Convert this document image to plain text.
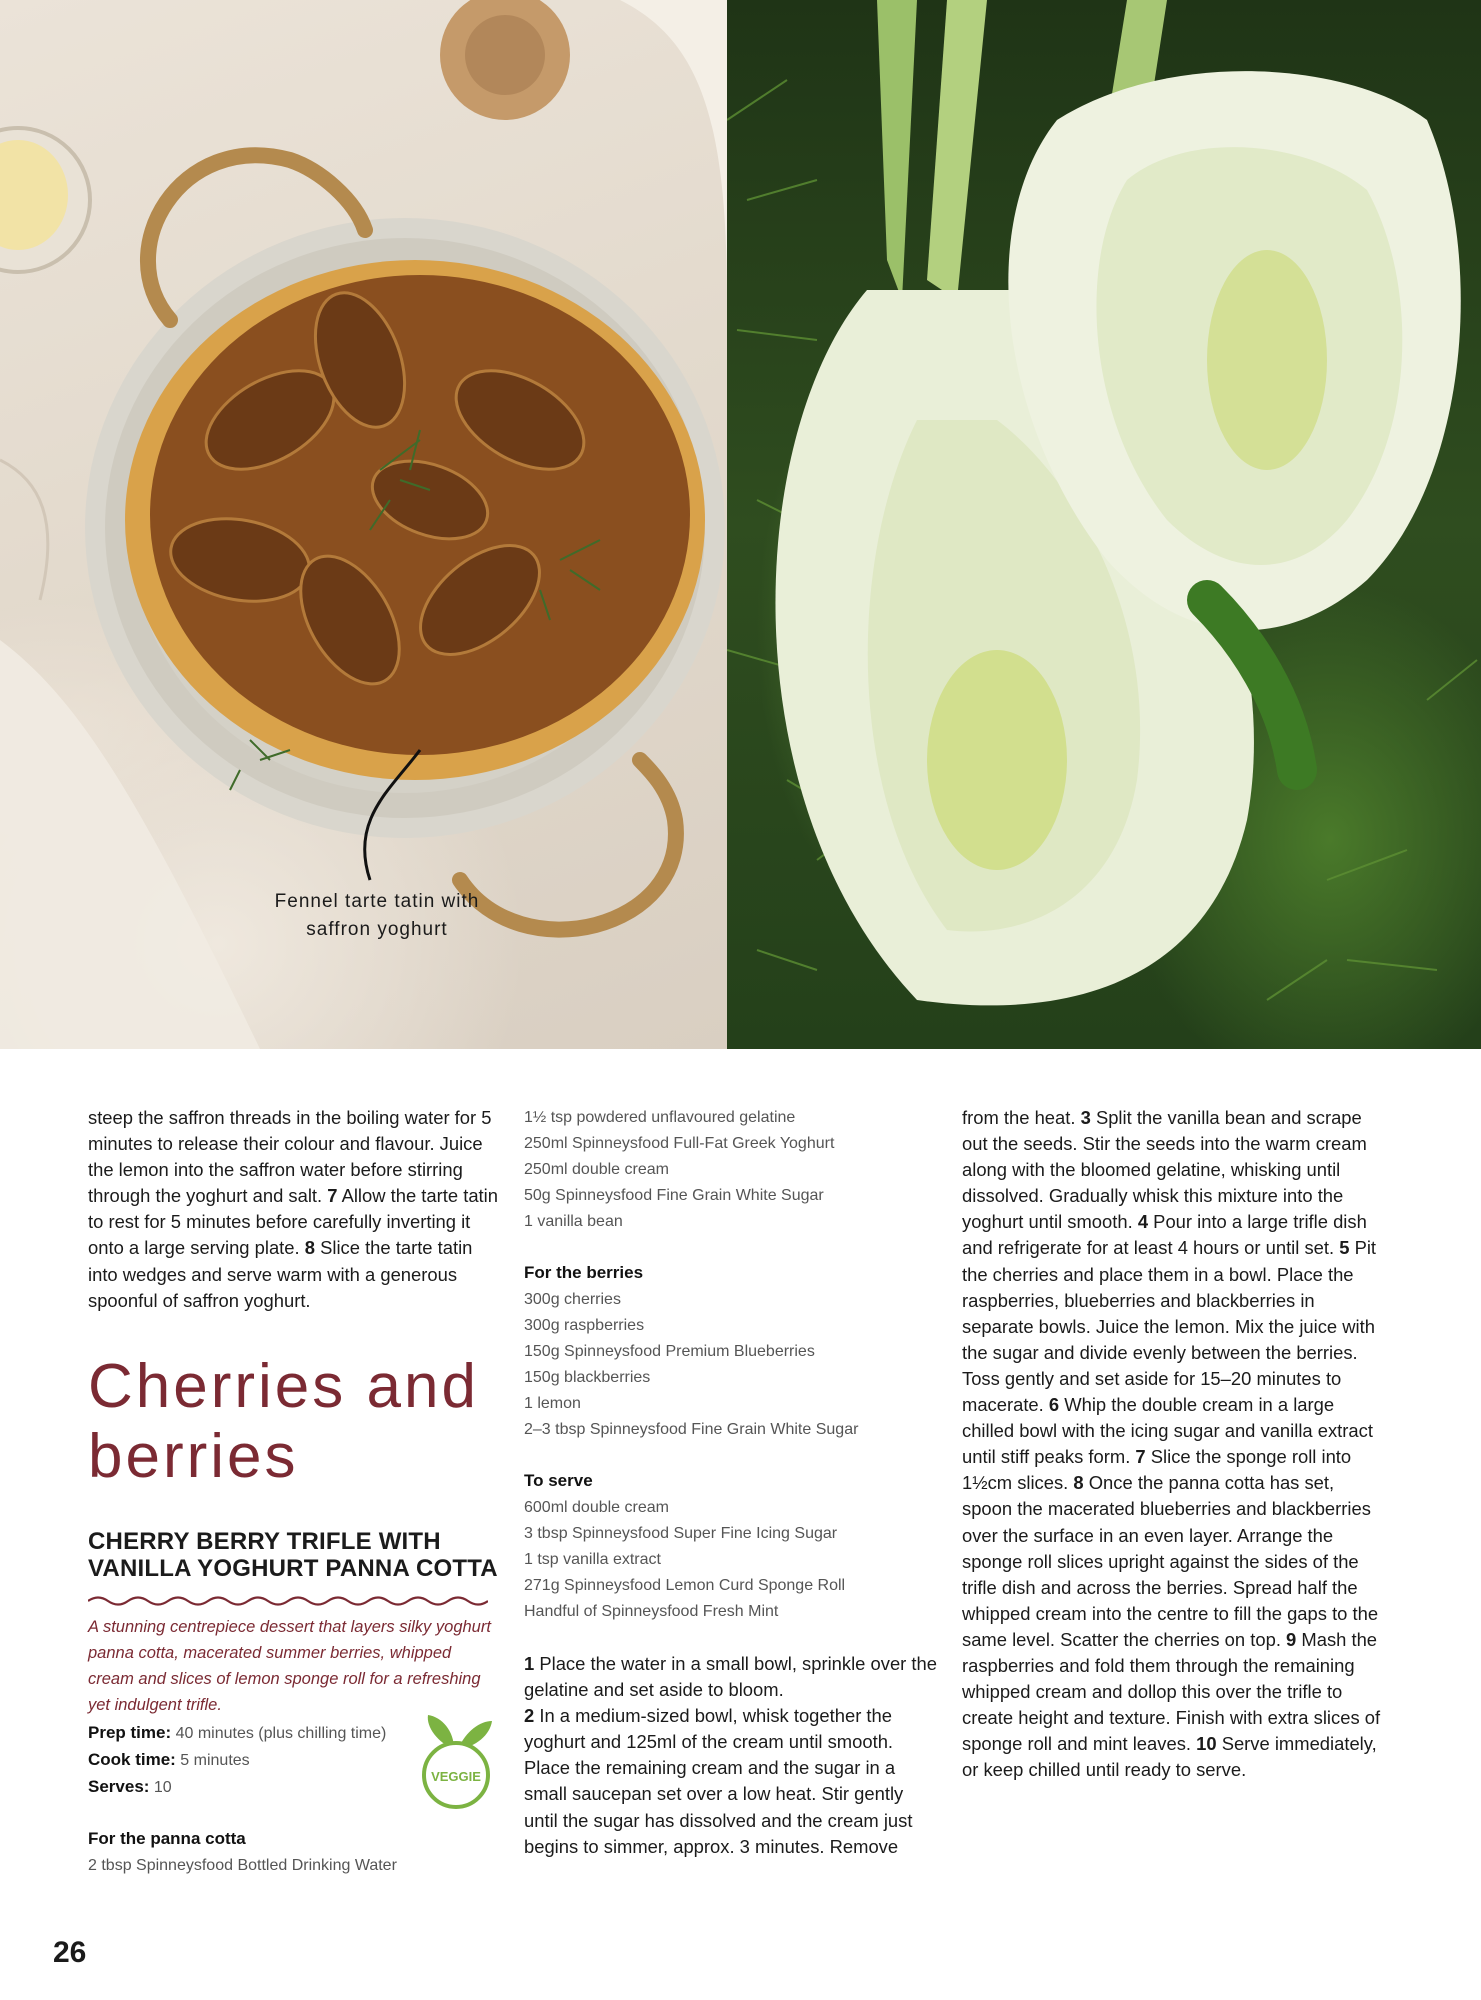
Fennel tarte tatin with saffron yoghurt

steep the saffron threads in the boiling water for 5 minutes to release their colour and flavour. Juice the lemon into the saffron water before stirring through the yoghurt and salt. 7 Allow the tarte tatin to rest for 5 minutes before carefully inverting it onto a large serving plate. 8 Slice the tarte tatin into wedges and serve warm with a generous spoonful of saffron yoghurt.

Cherries and berries
CHERRY BERRY TRIFLE WITH VANILLA YOGHURT PANNA COTTA

A stunning centrepiece dessert that layers silky yoghurt panna cotta, macerated summer berries, whipped cream and slices of lemon sponge roll for a refreshing yet indulgent trifle.

Prep time: 40 minutes (plus chilling time)

Cook time: 5 minutes

Serves: 10

VEGGIE

For the panna cotta

2 tbsp Spinneysfood Bottled Drinking Water

1½ tsp powdered unflavoured gelatine
250ml Spinneysfood Full-Fat Greek Yoghurt
250ml double cream
50g Spinneysfood Fine Grain White Sugar
1 vanilla bean

For the berries

300g cherries
300g raspberries
150g Spinneysfood Premium Blueberries
150g blackberries
1 lemon
2–3 tbsp Spinneysfood Fine Grain White Sugar

To serve

600ml double cream
3 tbsp Spinneysfood Super Fine Icing Sugar
1 tsp vanilla extract
271g Spinneysfood Lemon Curd Sponge Roll
Handful of Spinneysfood Fresh Mint

1 Place the water in a small bowl, sprinkle over the gelatine and set aside to bloom.
2 In a medium-sized bowl, whisk together the yoghurt and 125ml of the cream until smooth. Place the remaining cream and the sugar in a small saucepan set over a low heat. Stir gently until the sugar has dissolved and the cream just begins to simmer, approx. 3 minutes. Remove

from the heat. 3 Split the vanilla bean and scrape out the seeds. Stir the seeds into the warm cream along with the bloomed gelatine, whisking until dissolved. Gradually whisk this mixture into the yoghurt until smooth. 4 Pour into a large trifle dish and refrigerate for at least 4 hours or until set. 5 Pit the cherries and place them in a bowl. Place the raspberries, blueberries and blackberries in separate bowls. Juice the lemon. Mix the juice with the sugar and divide evenly between the berries. Toss gently and set aside for 15–20 minutes to macerate. 6 Whip the double cream in a large chilled bowl with the icing sugar and vanilla extract until stiff peaks form. 7 Slice the sponge roll into 1½cm slices. 8 Once the panna cotta has set, spoon the macerated blueberries and blackberries over the surface in an even layer. Arrange the sponge roll slices upright against the sides of the trifle dish and across the berries. Spread half the whipped cream into the centre to fill the gaps to the same level. Scatter the cherries on top. 9 Mash the raspberries and fold them through the remaining whipped cream and dollop this over the trifle to create height and texture. Finish with extra slices of sponge roll and mint leaves. 10 Serve immediately, or keep chilled until ready to serve.

26
